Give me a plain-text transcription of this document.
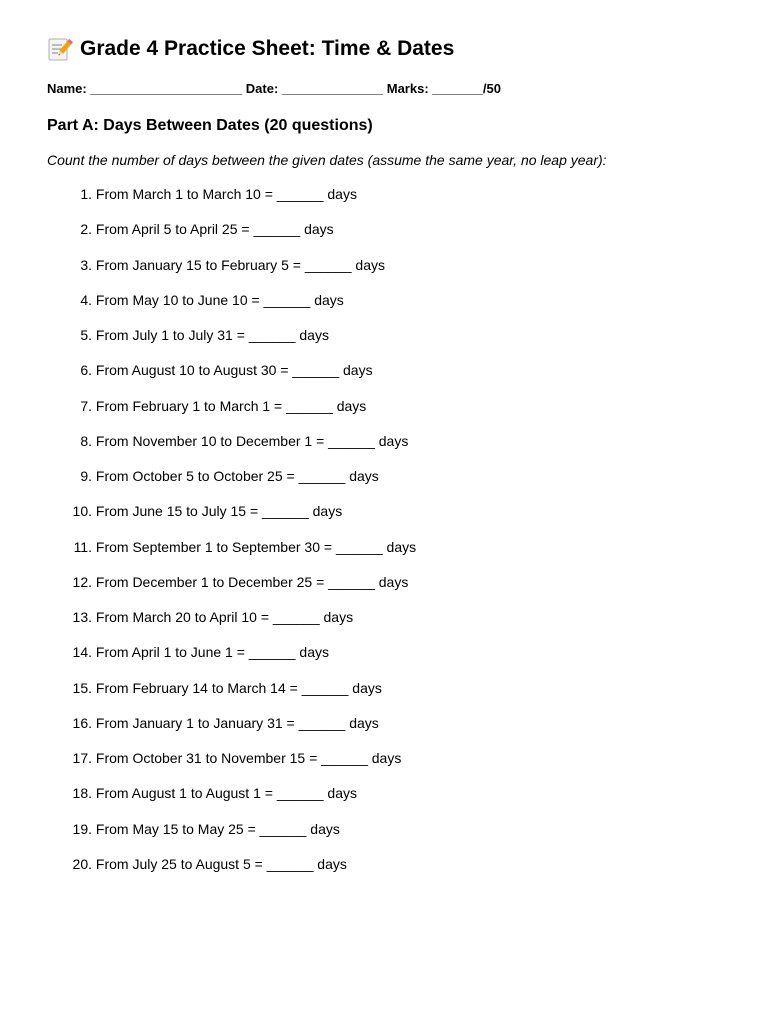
Grade 4 Practice Sheet: Time & Dates
Name: _____________________ Date: ______________ Marks: _______/50
Part A: Days Between Dates (20 questions)
Count the number of days between the given dates (assume the same year, no leap year):
1. From March 1 to March 10 = ______ days
2. From April 5 to April 25 = ______ days
3. From January 15 to February 5 = ______ days
4. From May 10 to June 10 = ______ days
5. From July 1 to July 31 = ______ days
6. From August 10 to August 30 = ______ days
7. From February 1 to March 1 = ______ days
8. From November 10 to December 1 = ______ days
9. From October 5 to October 25 = ______ days
10. From June 15 to July 15 = ______ days
11. From September 1 to September 30 = ______ days
12. From December 1 to December 25 = ______ days
13. From March 20 to April 10 = ______ days
14. From April 1 to June 1 = ______ days
15. From February 14 to March 14 = ______ days
16. From January 1 to January 31 = ______ days
17. From October 31 to November 15 = ______ days
18. From August 1 to August 1 = ______ days
19. From May 15 to May 25 = ______ days
20. From July 25 to August 5 = ______ days
